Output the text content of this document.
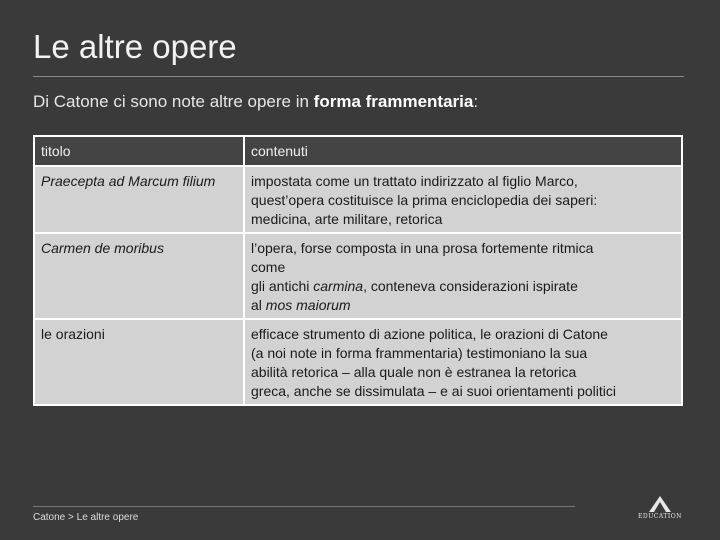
Le altre opere

Di Catone ci sono note altre opere in forma frammentaria:

titolo	contenuti
Praecepta ad Marcum filium	impostata come un trattato indirizzato al figlio Marco,
quest’opera costituisce la prima enciclopedia dei saperi:
medicina, arte militare, retorica
Carmen de moribus	l’opera, forse composta in una prosa fortemente ritmica
come
gli antichi carmina, conteneva considerazioni ispirate
al mos maiorum
le orazioni	efficace strumento di azione politica, le orazioni di Catone
(a noi note in forma frammentaria) testimoniano la sua
abilità retorica – alla quale non è estranea la retorica
greca, anche se dissimulata – e ai suoi orientamenti politici
Catone > Le altre opere	EDUCATION
